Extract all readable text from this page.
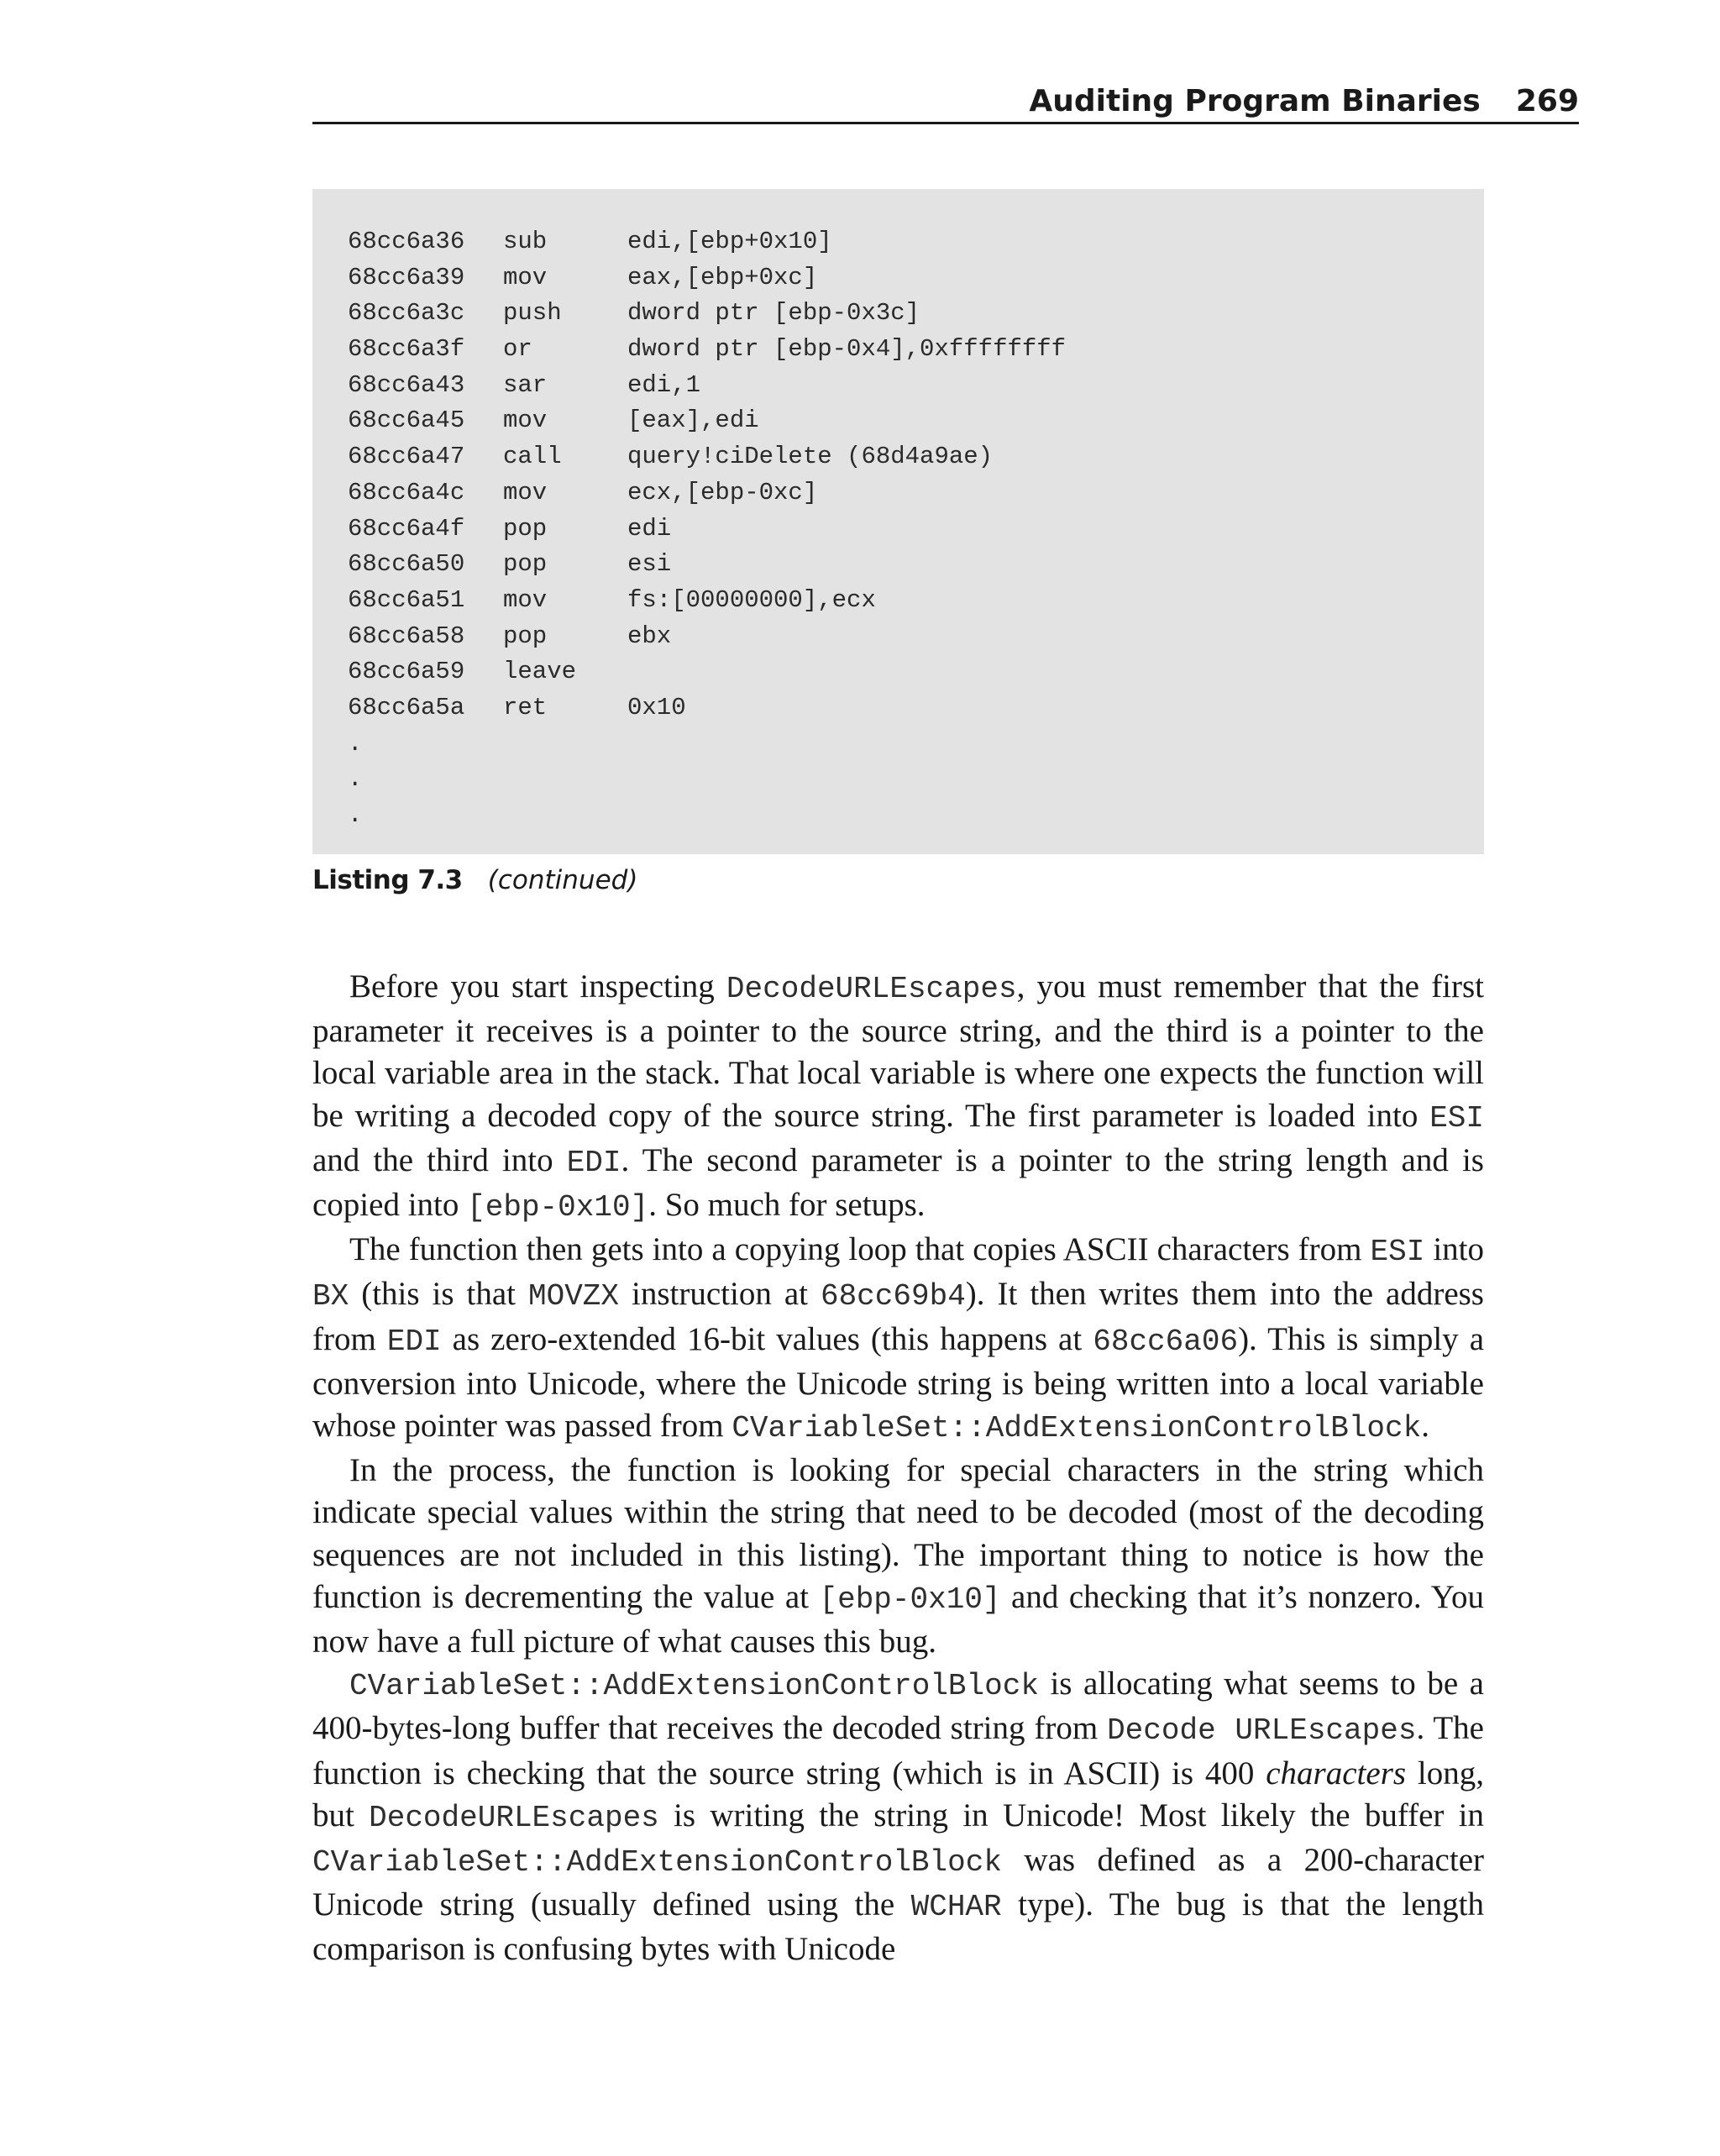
Auditing Program Binaries 269
68cc6a36	sub	edi,[ebp+0x10]
68cc6a39	mov	eax,[ebp+0xc]
68cc6a3c	push	dword ptr [ebp-0x3c]
68cc6a3f	or	dword ptr [ebp-0x4],0xffffffff
68cc6a43	sar	edi,1
68cc6a45	mov	[eax],edi
68cc6a47	call	query!ciDelete (68d4a9ae)
68cc6a4c	mov	ecx,[ebp-0xc]
68cc6a4f	pop	edi
68cc6a50	pop	esi
68cc6a51	mov	fs:[00000000],ecx
68cc6a58	pop	ebx
68cc6a59	leave
68cc6a5a	ret	0x10
.
.
.
Listing 7.3 (continued)

Before you start inspecting DecodeURLEscapes, you must remember that the first parameter it receives is a pointer to the source string, and the third is a pointer to the local variable area in the stack. That local variable is where one expects the function will be writing a decoded copy of the source string. The first parameter is loaded into ESI and the third into EDI. The second parameter is a pointer to the string length and is copied into [ebp-0x10]. So much for setups.

The function then gets into a copying loop that copies ASCII characters from ESI into BX (this is that MOVZX instruction at 68cc69b4). It then writes them into the address from EDI as zero-extended 16-bit values (this happens at 68cc6a06). This is simply a conversion into Unicode, where the Unicode string is being written into a local variable whose pointer was passed from CVariableSet::AddExtensionControlBlock.

In the process, the function is looking for special characters in the string which indicate special values within the string that need to be decoded (most of the decoding sequences are not included in this listing). The important thing to notice is how the function is decrementing the value at [ebp-0x10] and checking that it’s nonzero. You now have a full picture of what causes this bug.

CVariableSet::AddExtensionControlBlock is allocating what seems to be a 400-bytes-long buffer that receives the decoded string from Decode URLEscapes. The function is checking that the source string (which is in ASCII) is 400 characters long, but DecodeURLEscapes is writing the string in Unicode! Most likely the buffer in CVariableSet::AddExtensionControlBlock was defined as a 200-character Unicode string (usually defined using the WCHAR type). The bug is that the length comparison is confusing bytes with Unicode
